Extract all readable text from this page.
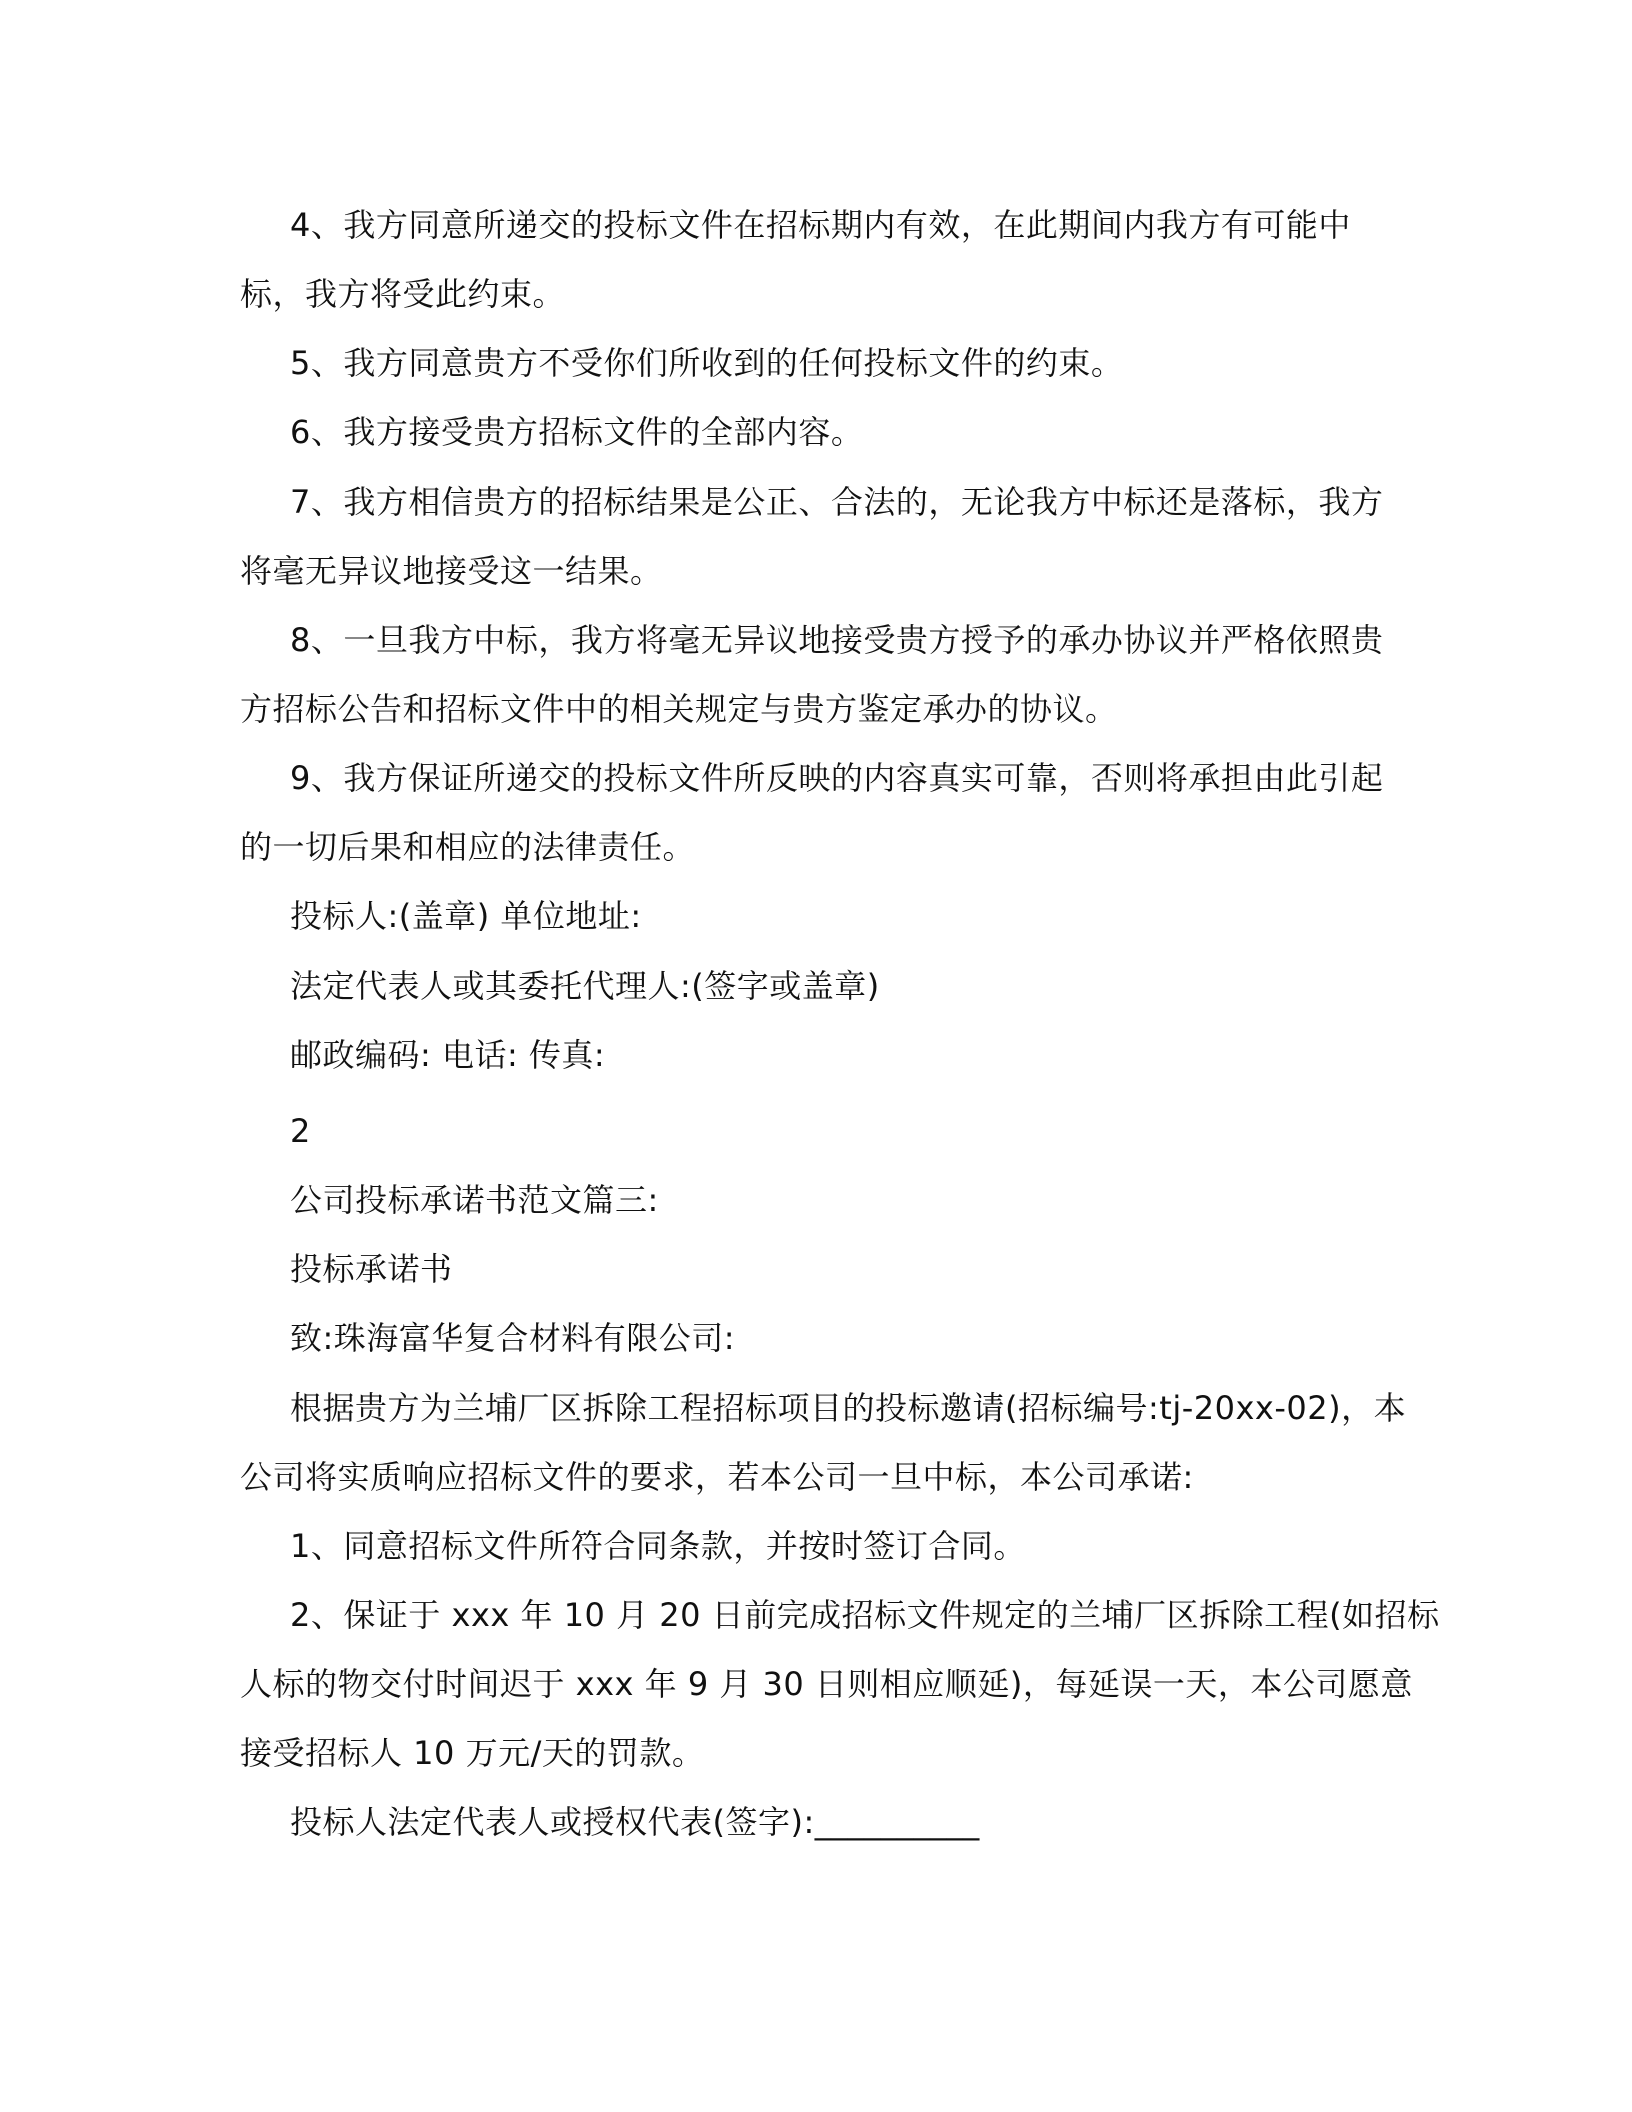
4、我方同意所递交的投标文件在招标期内有效，在此期间内我方有可能中
标，我方将受此约束。
5、我方同意贵方不受你们所收到的任何投标文件的约束。
6、我方接受贵方招标文件的全部内容。
7、我方相信贵方的招标结果是公正、合法的，无论我方中标还是落标，我方
将毫无异议地接受这一结果。
8、一旦我方中标，我方将毫无异议地接受贵方授予的承办协议并严格依照贵
方招标公告和招标文件中的相关规定与贵方鉴定承办的协议。
9、我方保证所递交的投标文件所反映的内容真实可靠，否则将承担由此引起
的一切后果和相应的法律责任。
投标人:(盖章) 单位地址:
法定代表人或其委托代理人:(签字或盖章)
邮政编码: 电话: 传真:
2
公司投标承诺书范文篇三:
投标承诺书
致:珠海富华复合材料有限公司:
根据贵方为兰埔厂区拆除工程招标项目的投标邀请(招标编号:tj-20xx-02)，本
公司将实质响应招标文件的要求，若本公司一旦中标，本公司承诺:
1、同意招标文件所符合同条款，并按时签订合同。
2、保证于 xxx 年 10 月 20 日前完成招标文件规定的兰埔厂区拆除工程(如招标
人标的物交付时间迟于 xxx 年 9 月 30 日则相应顺延)，每延误一天，本公司愿意
接受招标人 10 万元/天的罚款。
投标人法定代表人或授权代表(签字):__________
